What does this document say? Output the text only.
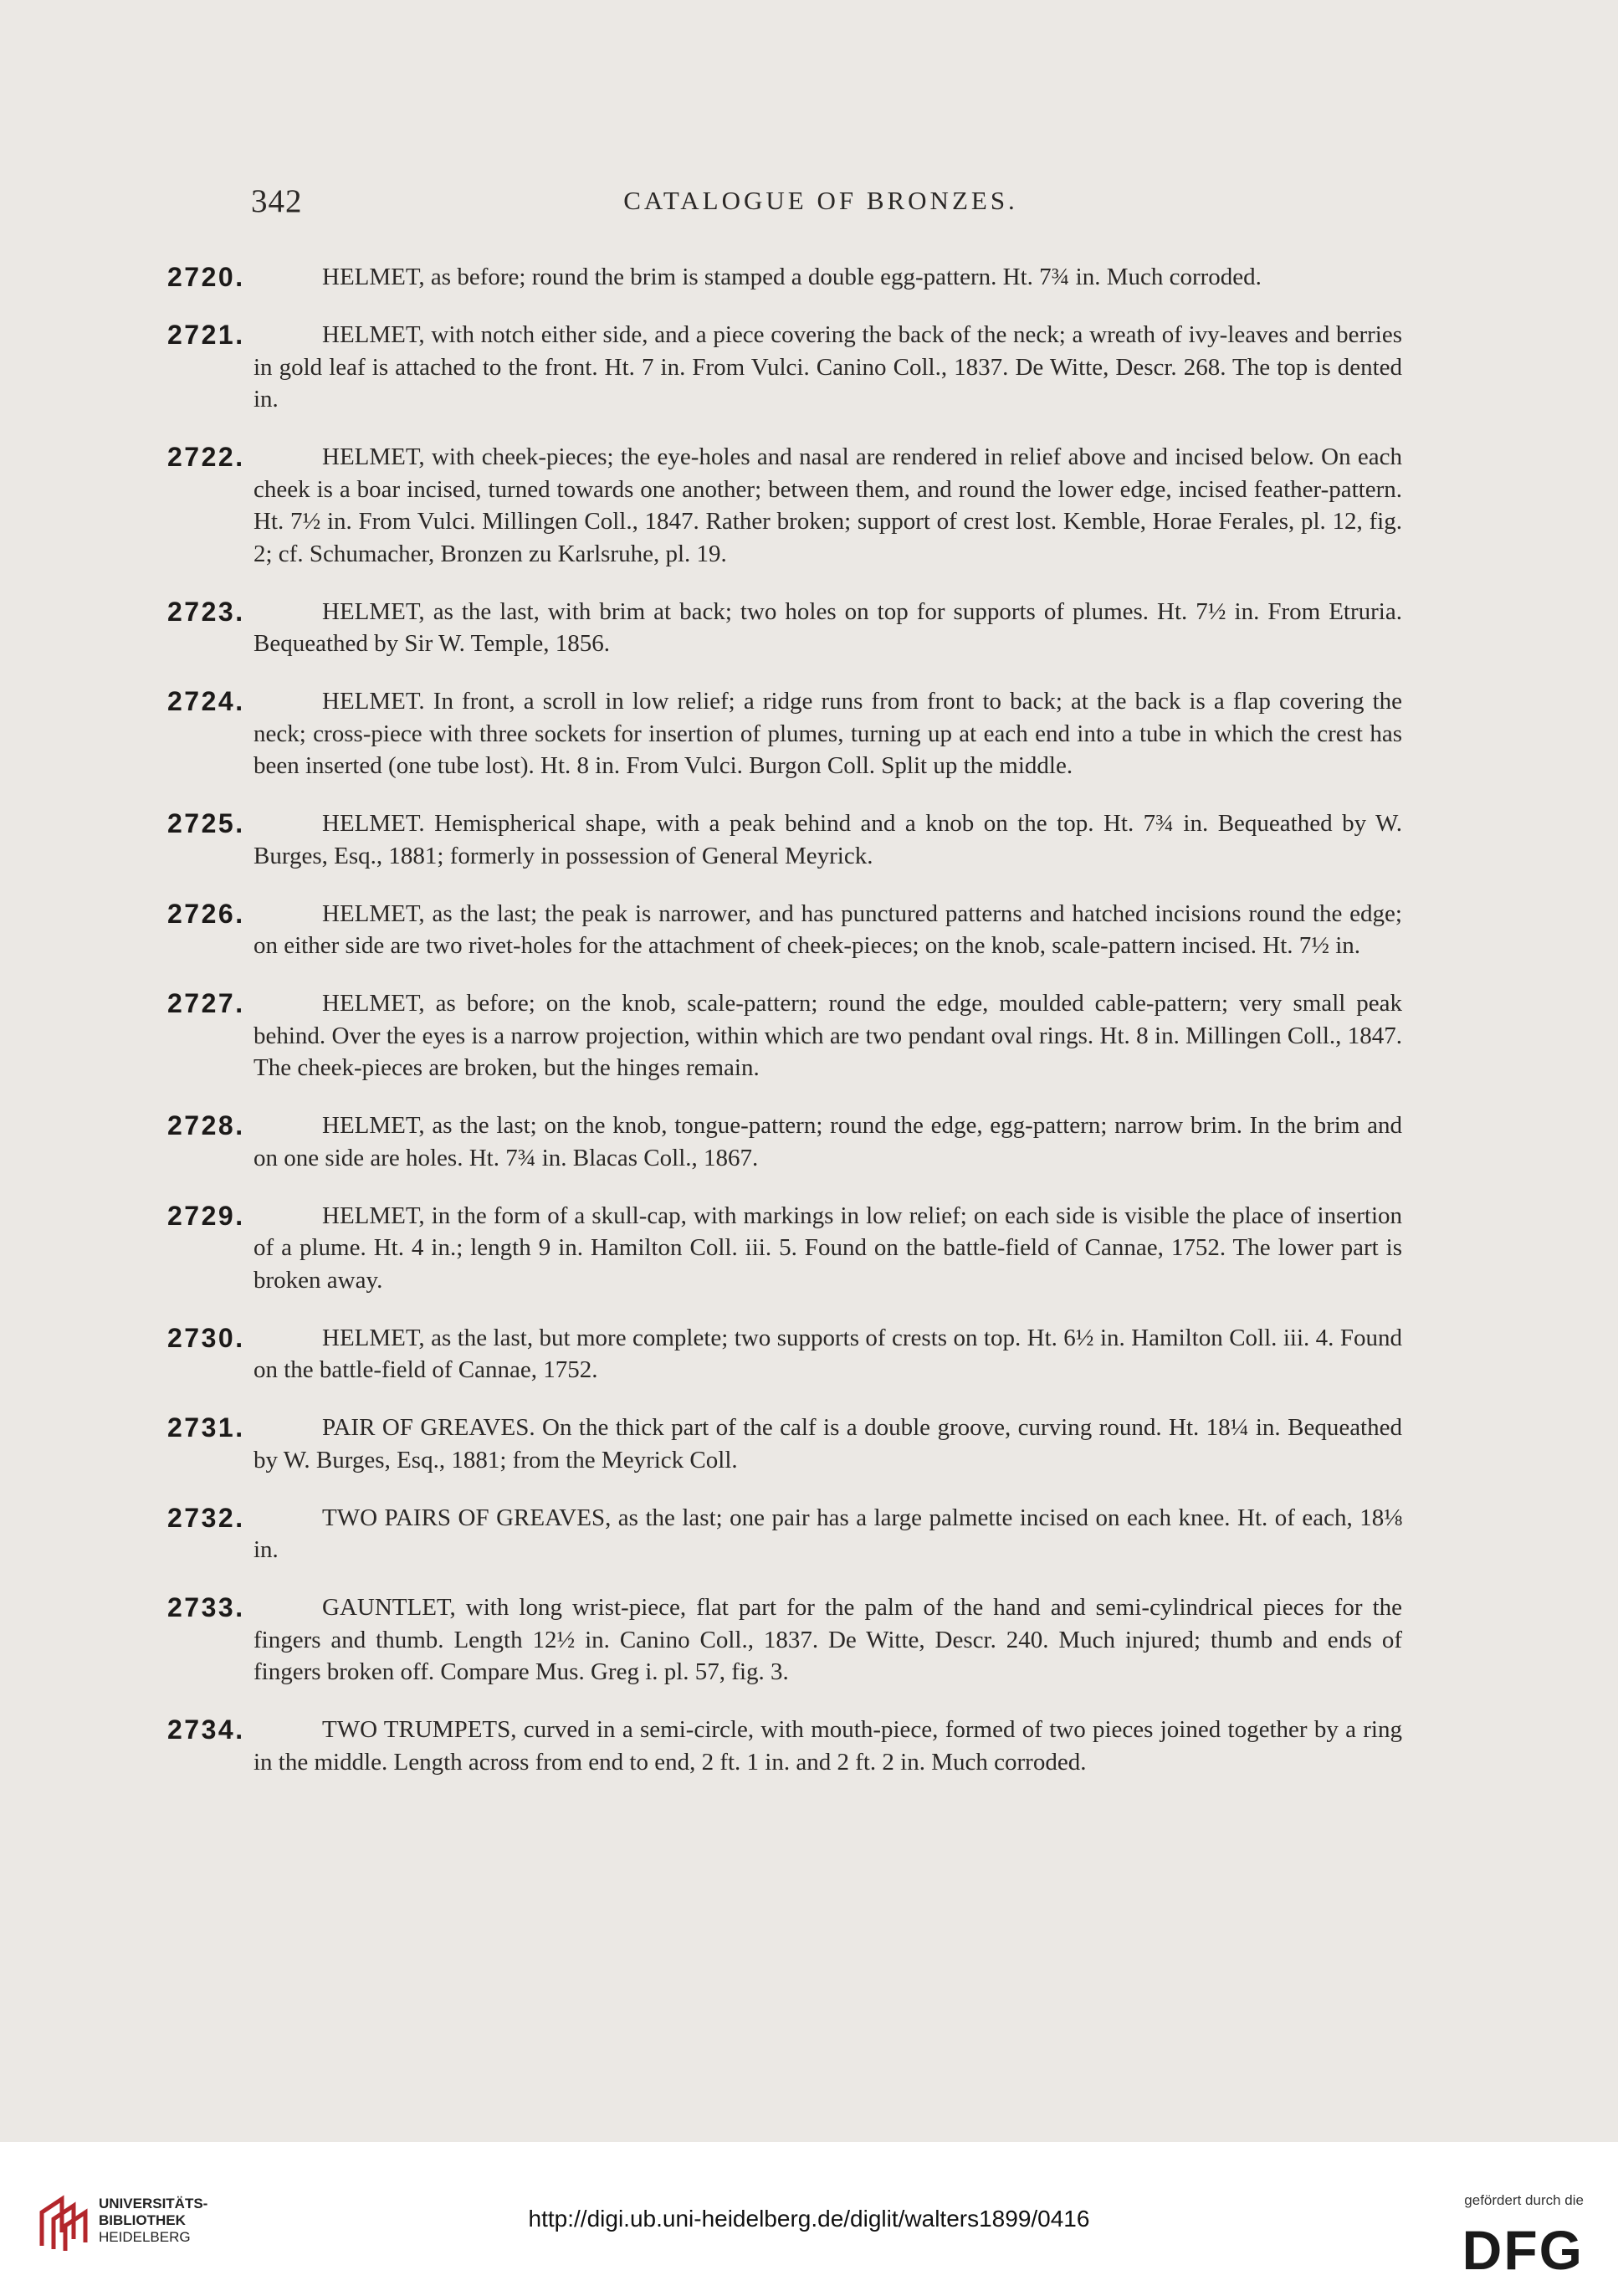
342	CATALOGUE OF BRONZES.
2720.	HELMET, as before; round the brim is stamped a double egg-pattern. Ht. 7¾ in. Much corroded.
2721.	HELMET, with notch either side, and a piece covering the back of the neck; a wreath of ivy-leaves and berries in gold leaf is attached to the front. Ht. 7 in. From Vulci. Canino Coll., 1837. De Witte, Descr. 268. The top is dented in.
2722.	HELMET, with cheek-pieces; the eye-holes and nasal are rendered in relief above and incised below. On each cheek is a boar incised, turned towards one another; between them, and round the lower edge, incised feather-pattern. Ht. 7½ in. From Vulci. Millingen Coll., 1847. Rather broken; support of crest lost. Kemble, Horae Ferales, pl. 12, fig. 2; cf. Schumacher, Bronzen zu Karlsruhe, pl. 19.
2723.	HELMET, as the last, with brim at back; two holes on top for supports of plumes. Ht. 7½ in. From Etruria. Bequeathed by Sir W. Temple, 1856.
2724.	HELMET. In front, a scroll in low relief; a ridge runs from front to back; at the back is a flap covering the neck; cross-piece with three sockets for insertion of plumes, turning up at each end into a tube in which the crest has been inserted (one tube lost). Ht. 8 in. From Vulci. Burgon Coll. Split up the middle.
2725.	HELMET. Hemispherical shape, with a peak behind and a knob on the top. Ht. 7¾ in. Bequeathed by W. Burges, Esq., 1881; formerly in possession of General Meyrick.
2726.	HELMET, as the last; the peak is narrower, and has punctured patterns and hatched incisions round the edge; on either side are two rivet-holes for the attachment of cheek-pieces; on the knob, scale-pattern incised. Ht. 7½ in.
2727.	HELMET, as before; on the knob, scale-pattern; round the edge, moulded cable-pattern; very small peak behind. Over the eyes is a narrow projection, within which are two pendant oval rings. Ht. 8 in. Millingen Coll., 1847. The cheek-pieces are broken, but the hinges remain.
2728.	HELMET, as the last; on the knob, tongue-pattern; round the edge, egg-pattern; narrow brim. In the brim and on one side are holes. Ht. 7¾ in. Blacas Coll., 1867.
2729.	HELMET, in the form of a skull-cap, with markings in low relief; on each side is visible the place of insertion of a plume. Ht. 4 in.; length 9 in. Hamilton Coll. iii. 5. Found on the battle-field of Cannae, 1752. The lower part is broken away.
2730.	HELMET, as the last, but more complete; two supports of crests on top. Ht. 6½ in. Hamilton Coll. iii. 4. Found on the battle-field of Cannae, 1752.
2731.	PAIR OF GREAVES. On the thick part of the calf is a double groove, curving round. Ht. 18¼ in. Bequeathed by W. Burges, Esq., 1881; from the Meyrick Coll.
2732.	TWO PAIRS OF GREAVES, as the last; one pair has a large palmette incised on each knee. Ht. of each, 18⅛ in.
2733.	GAUNTLET, with long wrist-piece, flat part for the palm of the hand and semi-cylindrical pieces for the fingers and thumb. Length 12½ in. Canino Coll., 1837. De Witte, Descr. 240. Much injured; thumb and ends of fingers broken off. Compare Mus. Greg i. pl. 57, fig. 3.
2734.	TWO TRUMPETS, curved in a semi-circle, with mouth-piece, formed of two pieces joined together by a ring in the middle. Length across from end to end, 2 ft. 1 in. and 2 ft. 2 in. Much corroded.
UNIVERSITÄTS-
BIBLIOTHEK
HEIDELBERG
http://digi.ub.uni-heidelberg.de/diglit/walters1899/0416
gefördert durch die
DFG
